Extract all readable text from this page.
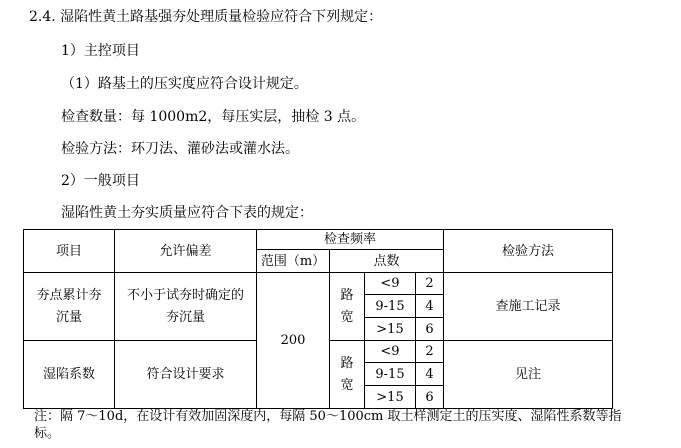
2.4. 湿陷性黄土路基强夯处理质量检验应符合下列规定：
1）主控项目
（1）路基土的压实度应符合设计规定。
检查数量：每 1000m2，每压实层，抽检 3 点。
检验方法：环刀法、灌砂法或灌水法。
2）一般项目
湿陷性黄土夯实质量应符合下表的规定：
项目	允许偏差	检查频率				检验方法
		范围（m）	点数			

夯点累计夯沉量	不小于试夯时确定的夯沉量	200	路宽	<9	2	查施工记录
				9-15	4	
				>15	6	
湿陷系数	符合设计要求		路宽	<9	2	见注
				9-15	4	
				>15	6	
注：隔 7～10d，在设计有效加固深度内，每隔 50～100cm 取土样测定土的压实度、湿陷性系数等指标。
